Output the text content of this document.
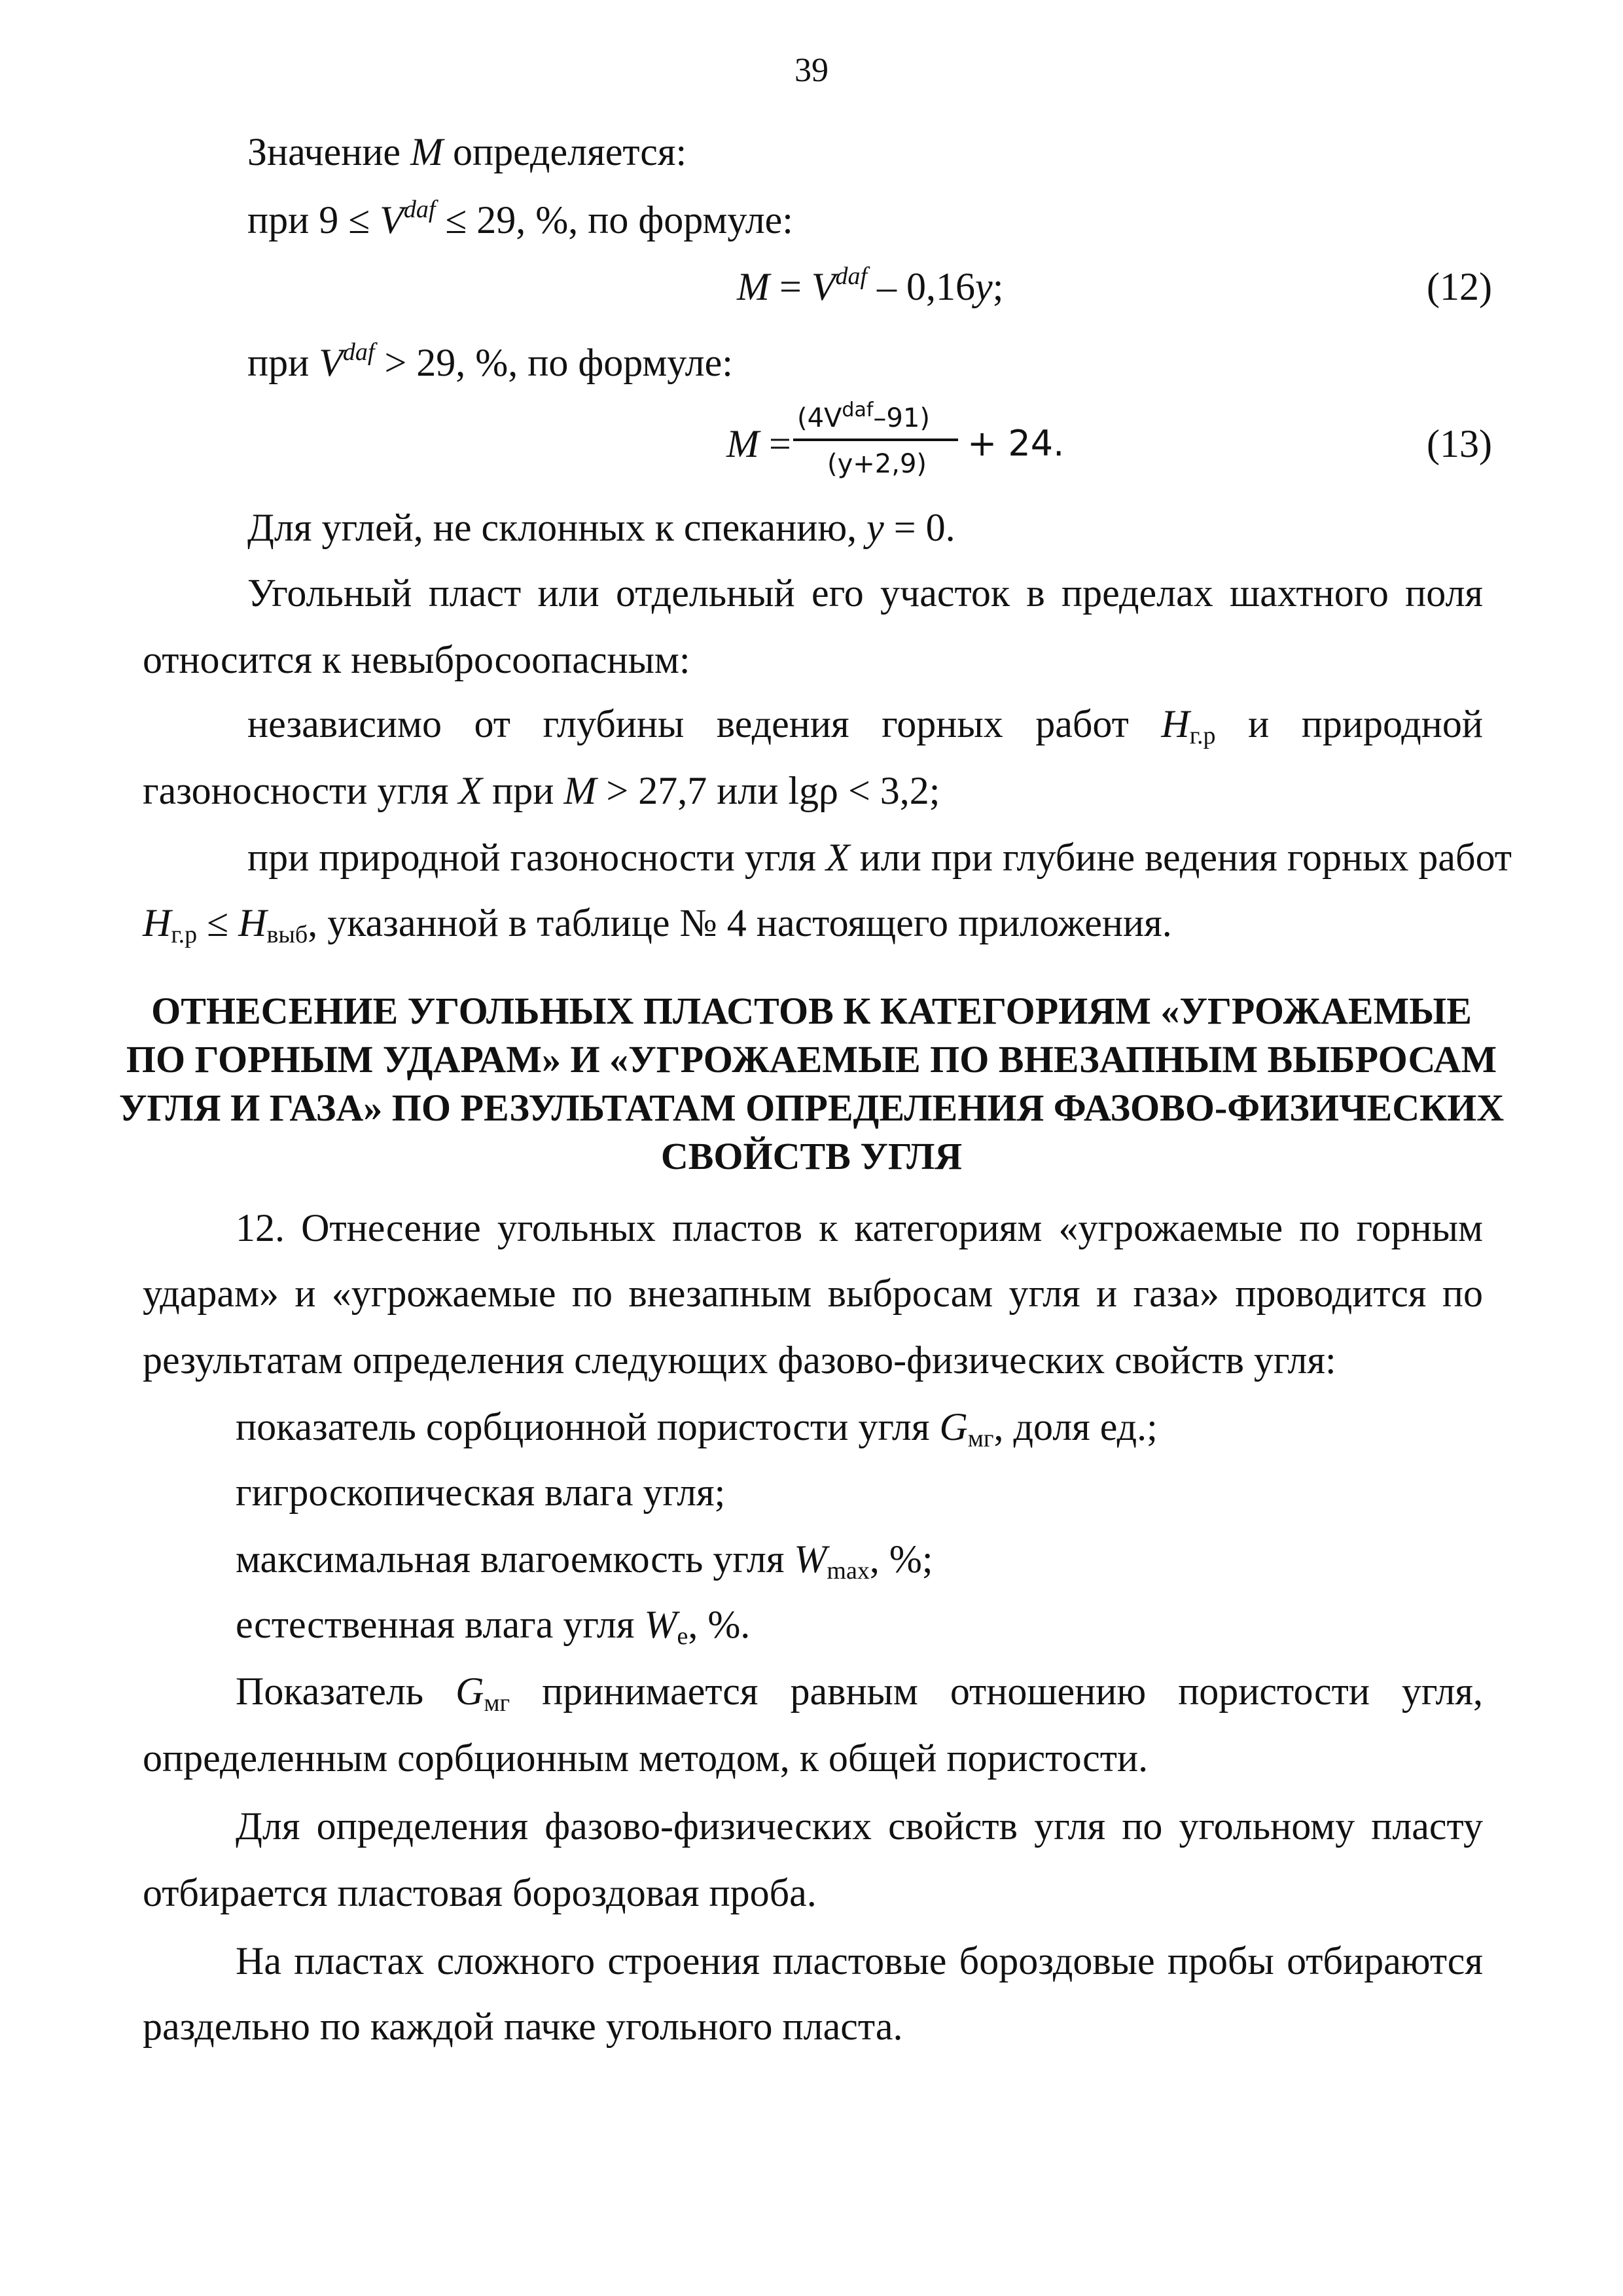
39
Значение M определяется:
при $9 \le V^{daf} \le 29$, %, по формуле:
$M = V^{daf} - 0,16y$;	(12)
при $V^{daf} > 29$, %, по формуле:
M =
$(4V^{daf}-91)$
(y+2,9) + 24.	(13)
Для углей, не склонных к спеканию, y = 0.
Угольный пласт или отдельный его участок в пределах шахтного поля
относится к невыбросоопасным:
независимо от глубины ведения горных работ $H_{г.р}$ и природной
газоносности угля X при M > 27,7 или lgρ < 3,2;
при природной газоносности угля X или при глубине ведения горных работ
$H_{г.р} \le H_{выб}$, указанной в таблице № 4 настоящего приложения.
ОТНЕСЕНИЕ УГОЛЬНЫХ ПЛАСТОВ К КАТЕГОРИЯМ «УГРОЖАЕМЫЕ
ПО ГОРНЫМ УДАРАМ» И «УГРОЖАЕМЫЕ ПО ВНЕЗАПНЫМ ВЫБРОСАМ
УГЛЯ И ГАЗА» ПО РЕЗУЛЬТАТАМ ОПРЕДЕЛЕНИЯ ФАЗОВО-ФИЗИЧЕСКИХ
СВОЙСТВ УГЛЯ
12. Отнесение угольных пластов к категориям «угрожаемые по горным
ударам» и «угрожаемые по внезапным выбросам угля и газа» проводится по
результатам определения следующих фазово-физических свойств угля:
показатель сорбционной пористости угля $G_{мг}$, доля ед.;
гигроскопическая влага угля;
максимальная влагоемкость угля $W_{max}$, %;
естественная влага угля $W_е$, %.
Показатель $G_{мг}$ принимается равным отношению пористости угля,
определенным сорбционным методом, к общей пористости.
Для определения фазово-физических свойств угля по угольному пласту
отбирается пластовая бороздовая проба.
На пластах сложного строения пластовые бороздовые пробы отбираются
раздельно по каждой пачке угольного пласта.
